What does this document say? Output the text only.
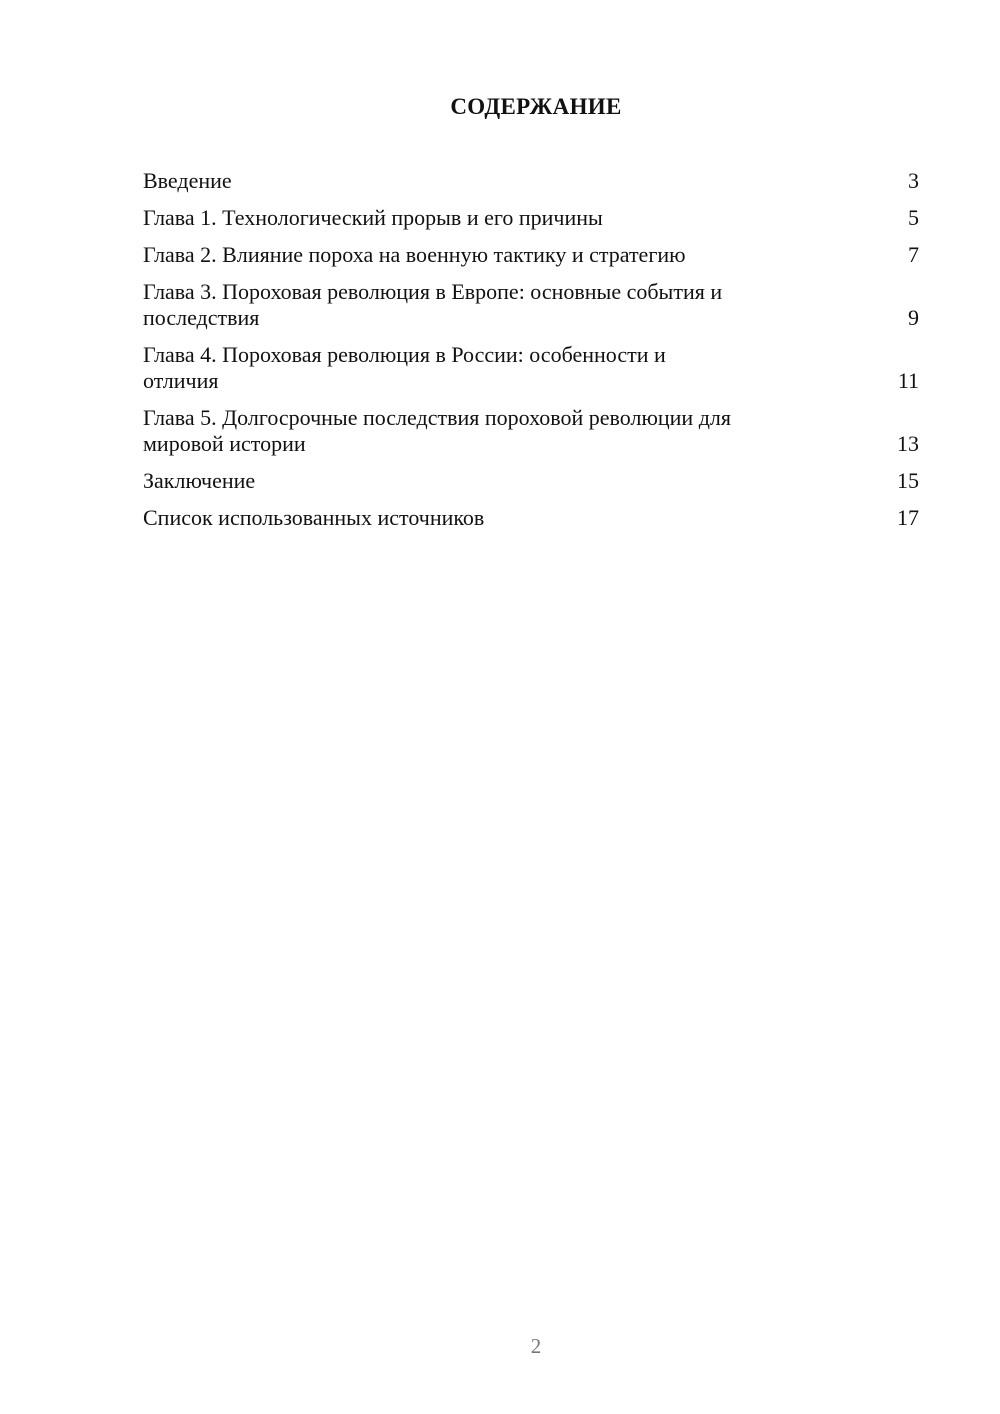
СОДЕРЖАНИЕ
Введение	3
Глава 1. Технологический прорыв и его причины	5
Глава 2. Влияние пороха на военную тактику и стратегию	7
Глава 3. Пороховая революция в Европе: основные события и
последствия	9
Глава 4. Пороховая революция в России: особенности и
отличия	11
Глава 5. Долгосрочные последствия пороховой революции для
мировой истории	13
Заключение	15
Список использованных источников	17
2
